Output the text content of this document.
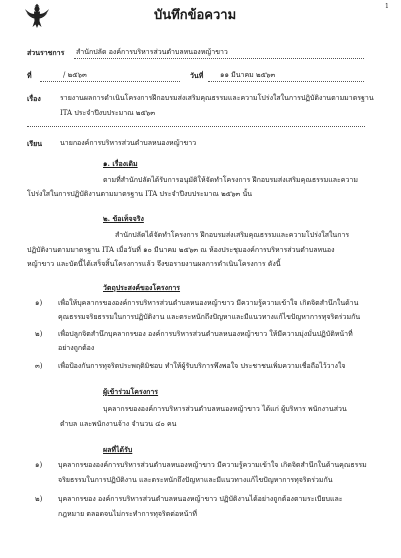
1
บันทึกข้อความ
ส่วนราชการ สำนักปลัด องค์การบริหารส่วนตำบลหนองหญ้าขาว
ที่	/ ๒๕๖๓	วันที่ ๑๑ มีนาคม ๒๕๖๓
เรื่อง	รายงานผลการดำเนินโครงการฝึกอบรมส่งเสริมคุณธรรมและความโปร่งใสในการปฏิบัติงานตามมาตรฐาน
ITA ประจำปีงบประมาณ ๒๕๖๓
เรียน	นายกองค์การบริหารส่วนตำบลหนองหญ้าขาว
๑. เรื่องเดิม
ตามที่สำนักปลัดได้รับการอนุมัติให้จัดทำโครงการ ฝึกอบรมส่งเสริมคุณธรรมและความ
โปร่งใสในการปฏิบัติงานตามมาตรฐาน ITA ประจำปีงบประมาณ ๒๕๖๓ นั้น
๒. ข้อเท็จจริง
สำนักปลัดได้จัดทำโครงการ ฝึกอบรมส่งเสริมคุณธรรมและความโปร่งใสในการ
ปฏิบัติงานตามมาตรฐาน ITA เมื่อวันที่ ๑๐ มีนาคม ๒๕๖๓ ณ ห้องประชุมองค์การบริหารส่วนตำบลหนอง
หญ้าขาว และบัดนี้ได้เสร็จสิ้นโครงการแล้ว จึงขอรายงานผลการดำเนินโครงการ ดังนี้
วัตถุประสงค์ของโครงการ
๑) เพื่อให้บุคลากรขององค์การบริหารส่วนตำบลหนองหญ้าขาว มีความรู้ความเข้าใจ เกิดจิตสำนึกในด้าน
คุณธรรมจริยธรรมในการปฏิบัติงาน และตระหนักถึงปัญหาและมีแนวทางแก้ไขปัญหาการทุจริตร่วมกัน
๒) เพื่อปลูกจิตสำนึกบุคลากรของ องค์การบริหารส่วนตำบลหนองหญ้าขาว ให้มีความมุ่งมั่นปฏิบัติหน้าที่
อย่างถูกต้อง
๓) เพื่อป้องกันการทุจริตประพฤติมิชอบ ทำให้ผู้รับบริการพึงพอใจ ประชาชนเพิ่มความเชื่อถือไว้วางใจ
ผู้เข้าร่วมโครงการ
บุคลากรขององค์การบริหารส่วนตำบลหนองหญ้าขาว ได้แก่ ผู้บริหาร พนักงานส่วน
ตำบล และพนักงานจ้าง จำนวน ๔๐ คน
ผลที่ได้รับ
๑) บุคลากรขององค์การบริหารส่วนตำบลหนองหญ้าขาว มีความรู้ความเข้าใจ เกิดจิตสำนึกในด้านคุณธรรม
จริยธรรมในการปฏิบัติงาน และตระหนักถึงปัญหาและมีแนวทางแก้ไขปัญหาการทุจริตร่วมกัน
๒) บุคลากรของ องค์การบริหารส่วนตำบลหนองหญ้าขาว ปฏิบัติงานได้อย่างถูกต้องตามระเบียบและ
กฎหมาย ตลอดจนไม่กระทำการทุจริตต่อหน้าที่
